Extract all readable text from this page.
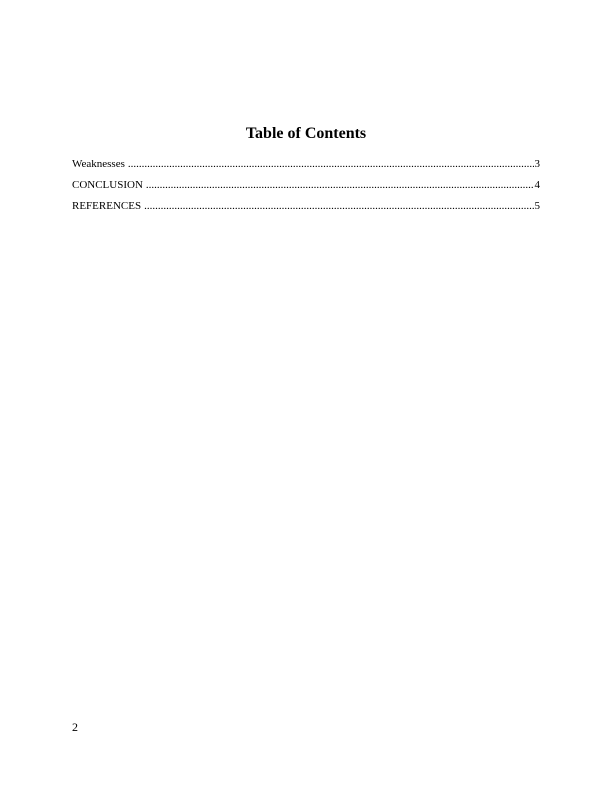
Table of Contents
Weaknesses .....	3
CONCLUSION .....	4
REFERENCES .....	5
2
